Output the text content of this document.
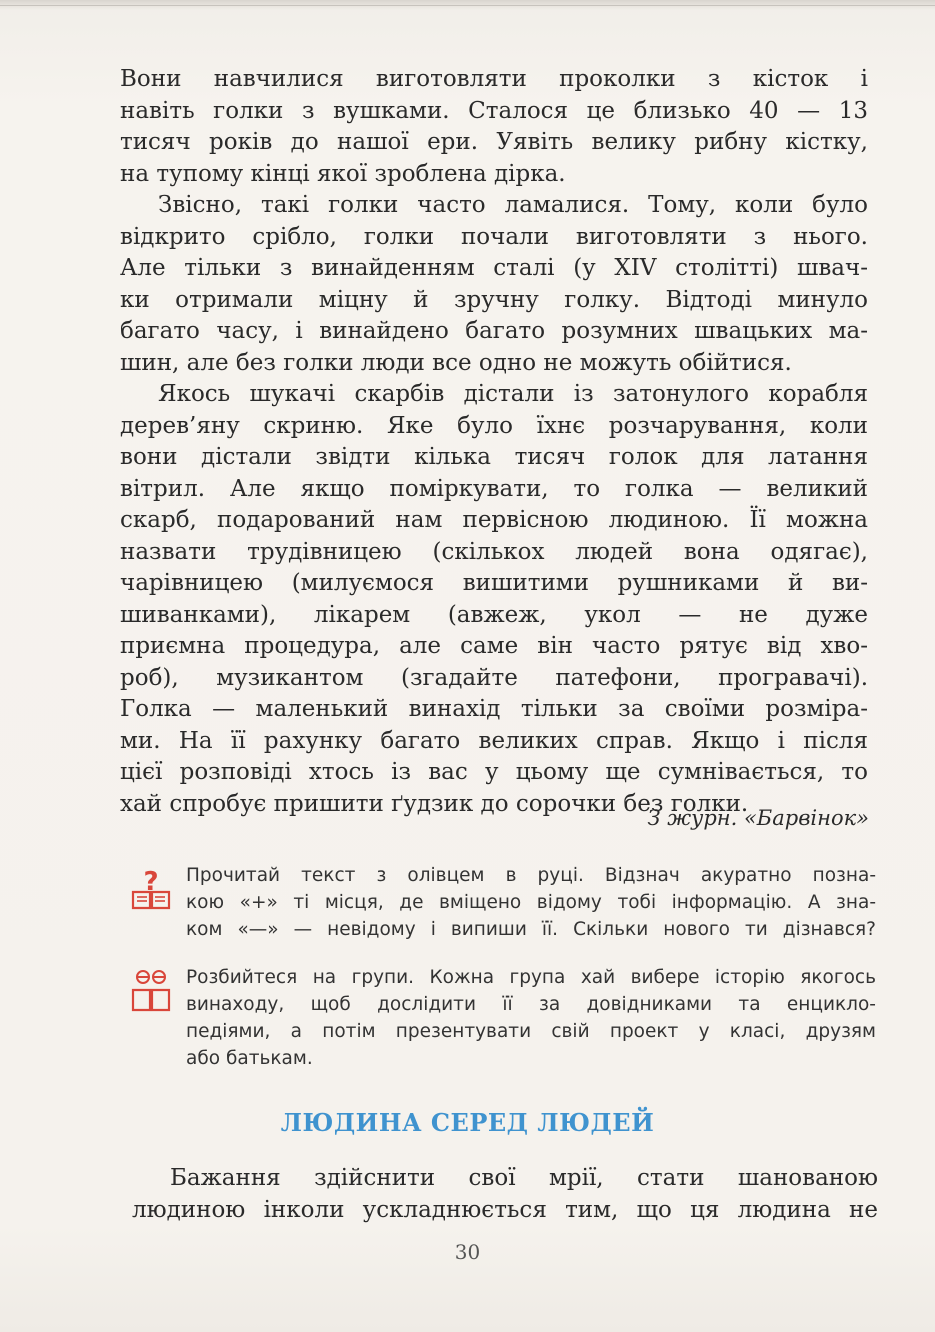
Вони навчилися виготовляти проколки з кісток і
навіть голки з вушками. Сталося це близько 40 — 13
тисяч років до нашої ери. Уявіть велику рибну кістку,
на тупому кінці якої зроблена дірка.
Звісно, такі голки часто ламалися. Тому, коли було
відкрито срібло, голки почали виготовляти з нього.
Але тільки з винайденням сталі (у XIV столітті) швач-
ки отримали міцну й зручну голку. Відтоді минуло
багато часу, і винайдено багато розумних швацьких ма-
шин, але без голки люди все одно не можуть обійтися.
Якось шукачі скарбів дістали із затонулого корабля
дерев’яну скриню. Яке було їхнє розчарування, коли
вони дістали звідти кілька тисяч голок для латання
вітрил. Але якщо поміркувати, то голка — великий
скарб, подарований нам первісною людиною. Її можна
назвати трудівницею (скількох людей вона одягає),
чарівницею (милуємося вишитими рушниками й ви-
шиванками), лікарем (авжеж, укол — не дуже
приємна процедура, але саме він часто рятує від хво-
роб), музикантом (згадайте патефони, програвачі).
Голка — маленький винахід тільки за своїми розміра-
ми. На її рахунку багато великих справ. Якщо і після
цієї розповіді хтось із вас у цьому ще сумнівається, то
хай спробує пришити ґудзик до сорочки без голки.
З журн. «Барвінок»
? Прочитай текст з олівцем в руці. Відзнач акуратно позна-
кою «+» ті місця, де вміщено відому тобі інформацію. А зна-
ком «—» — невідому і випиши її. Скільки нового ти дізнався?
Розбийтеся на групи. Кожна група хай вибере історію якогось
винаходу, щоб дослідити її за довідниками та енцикло-
педіями, а потім презентувати свій проект у класі, друзям
або батькам.
ЛЮДИНА СЕРЕД ЛЮДЕЙ
Бажання здійснити свої мрії, стати шанованою
людиною інколи ускладнюється тим, що ця людина не
30
